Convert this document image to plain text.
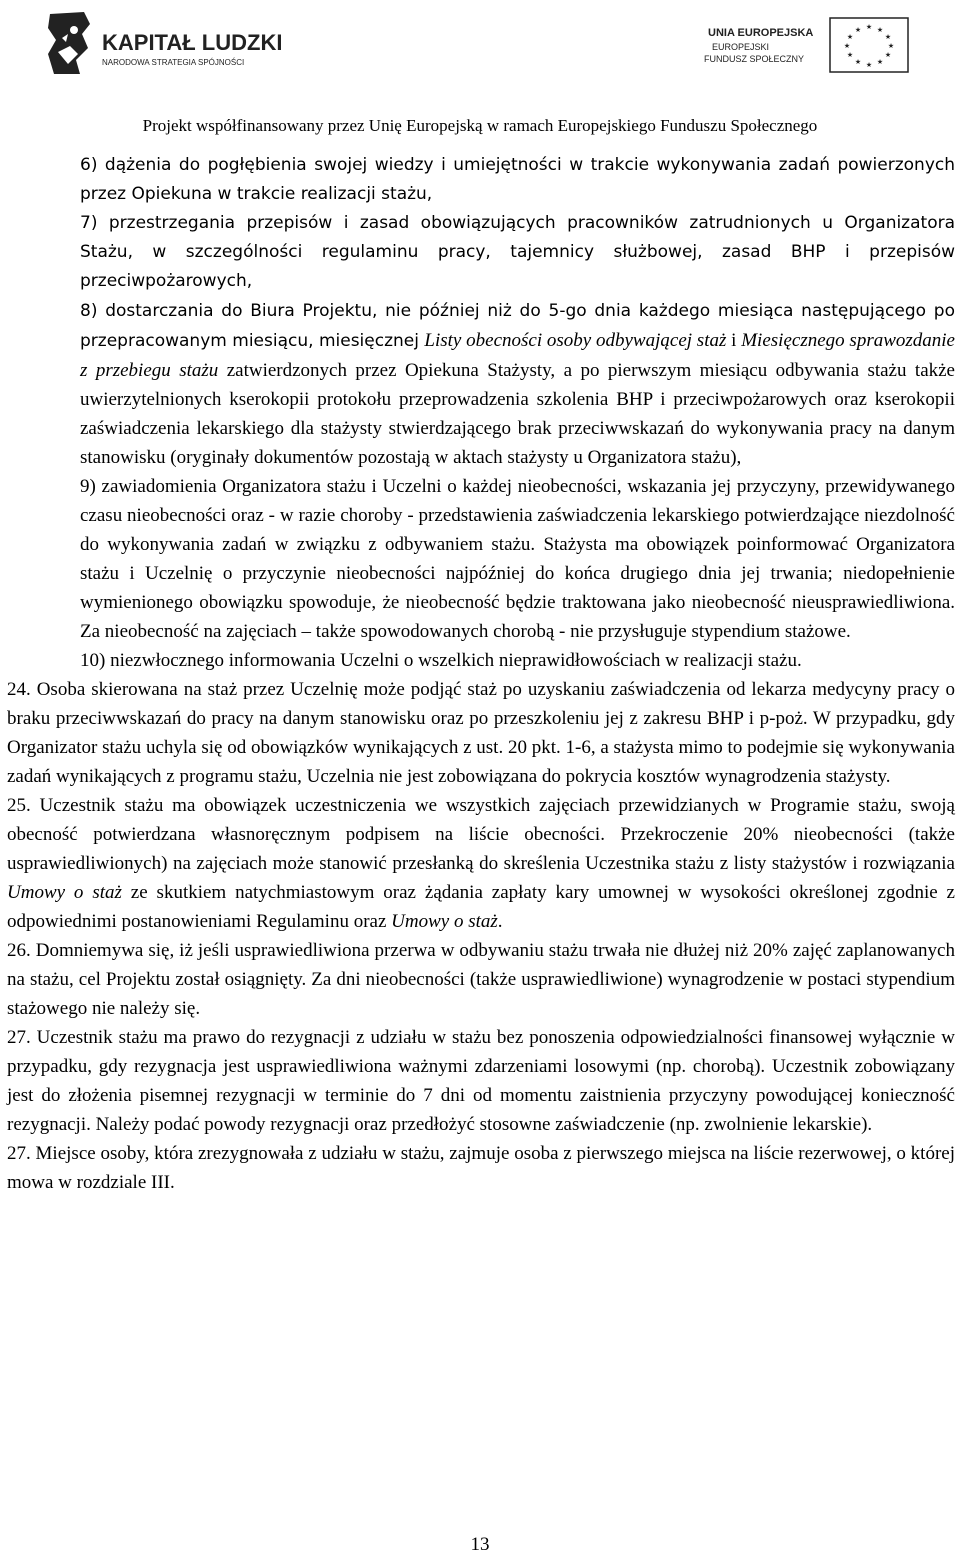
KAPITAŁ LUDZKI
NARODOWA STRATEGIA SPÓJNOŚCI
UNIA EUROPEJSKA
EUROPEJSKI
FUNDUSZ SPOŁECZNY
★ ★
★
★
★
★
★
★
★
★
★
★
Projekt współfinansowany przez Unię Europejską w ramach Europejskiego Funduszu Społecznego

6) dążenia do pogłębienia swojej wiedzy i umiejętności w trakcie wykonywania zadań powierzonych przez Opiekuna w trakcie realizacji stażu,

7) przestrzegania przepisów i zasad obowiązujących pracowników zatrudnionych u Organizatora Stażu, w szczególności regulaminu pracy, tajemnicy służbowej, zasad BHP i przepisów przeciwpożarowych,

8) dostarczania do Biura Projektu, nie później niż do 5-go dnia każdego miesiąca następującego po przepracowanym miesiącu, miesięcznej Listy obecności osoby odbywającej staż i Miesięcznego sprawozdanie z przebiegu stażu zatwierdzonych przez Opiekuna Stażysty, a po pierwszym miesiącu odbywania stażu także uwierzytelnionych kserokopii protokołu przeprowadzenia szkolenia BHP i przeciwpożarowych oraz kserokopii zaświadczenia lekarskiego dla stażysty stwierdzającego brak przeciwwskazań do wykonywania pracy na danym stanowisku (oryginały dokumentów pozostają w aktach stażysty u Organizatora stażu),

9) zawiadomienia Organizatora stażu i Uczelni o każdej nieobecności, wskazania jej przyczyny, przewidywanego czasu nieobecności oraz - w razie choroby - przedstawienia zaświadczenia lekarskiego potwierdzające niezdolność do wykonywania zadań w związku z odbywaniem stażu. Stażysta ma obowiązek poinformować Organizatora stażu i Uczelnię o przyczynie nieobecności najpóźniej do końca drugiego dnia jej trwania; niedopełnienie wymienionego obowiązku spowoduje, że nieobecność będzie traktowana jako nieobecność nieusprawiedliwiona. Za nieobecność na zajęciach – także spowodowanych chorobą - nie przysługuje stypendium stażowe.

10) niezwłocznego informowania Uczelni o wszelkich nieprawidłowościach w realizacji stażu.

24. Osoba skierowana na staż przez Uczelnię może podjąć staż po uzyskaniu zaświadczenia od lekarza medycyny pracy o braku przeciwwskazań do pracy na danym stanowisku oraz po przeszkoleniu jej z zakresu BHP i p-poż. W przypadku, gdy Organizator stażu uchyla się od obowiązków wynikających z ust. 20 pkt. 1-6, a stażysta mimo to podejmie się wykonywania zadań wynikających z programu stażu, Uczelnia nie jest zobowiązana do pokrycia kosztów wynagrodzenia stażysty.

25. Uczestnik stażu ma obowiązek uczestniczenia we wszystkich zajęciach przewidzianych w Programie stażu, swoją obecność potwierdzana własnoręcznym podpisem na liście obecności. Przekroczenie 20% nieobecności (także usprawiedliwionych) na zajęciach może stanowić przesłanką do skreślenia Uczestnika stażu z listy stażystów i rozwiązania Umowy o staż ze skutkiem natychmiastowym oraz żądania zapłaty kary umownej w wysokości określonej zgodnie z odpowiednimi postanowieniami Regulaminu oraz Umowy o staż.

26. Domniemywa się, iż jeśli usprawiedliwiona przerwa w odbywaniu stażu trwała nie dłużej niż 20% zajęć zaplanowanych na stażu, cel Projektu został osiągnięty. Za dni nieobecności (także usprawiedliwione) wynagrodzenie w postaci stypendium stażowego nie należy się.

27. Uczestnik stażu ma prawo do rezygnacji z udziału w stażu bez ponoszenia odpowiedzialności finansowej wyłącznie w przypadku, gdy rezygnacja jest usprawiedliwiona ważnymi zdarzeniami losowymi (np. chorobą). Uczestnik zobowiązany jest do złożenia pisemnej rezygnacji w terminie do 7 dni od momentu zaistnienia przyczyny powodującej konieczność rezygnacji. Należy podać powody rezygnacji oraz przedłożyć stosowne zaświadczenie (np. zwolnienie lekarskie).

27. Miejsce osoby, która zrezygnowała z udziału w stażu, zajmuje osoba z pierwszego miejsca na liście rezerwowej, o której mowa w rozdziale III.

13
